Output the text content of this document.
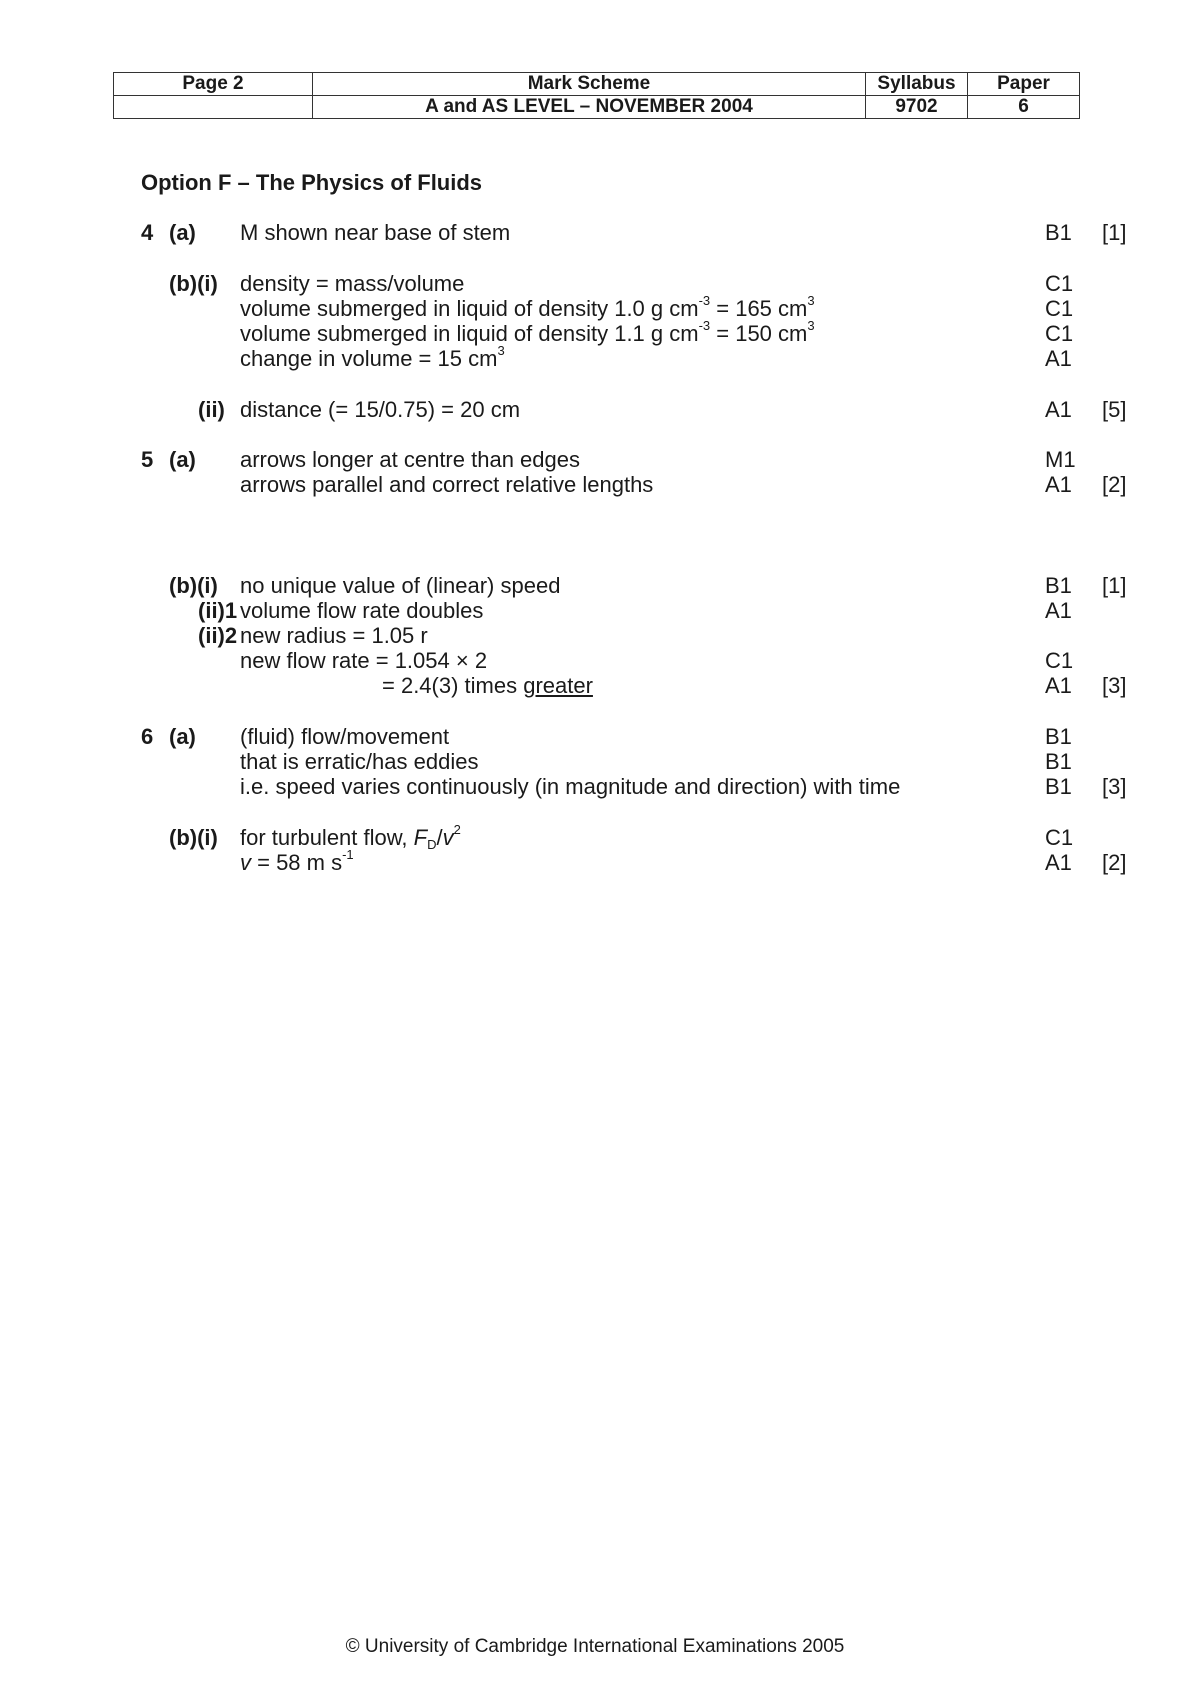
Page 2	Mark Scheme	Syllabus	Paper
	A and AS LEVEL – NOVEMBER 2004	9702	6
Option F – The Physics of Fluids
4 (a) M shown near base of stem	B1 [1]
(b)(i) density = mass/volume	C1
volume submerged in liquid of density 1.0 g $cm^{-3} = 165$ $cm^3$	C1
volume submerged in liquid of density 1.1 g $cm^{-3} = 150$ $cm^3$	C1
change in volume = 15 $cm^3$	A1
(ii) distance (= 15/0.75) = 20 cm	A1 [5]
5 (a) arrows longer at centre than edges	M1
arrows parallel and correct relative lengths	A1 [2]
(b)(i) no unique value of (linear) speed	B1 [1]
(ii)1 volume flow rate doubles	A1
(ii)2 new radius = 1.05 r
new flow rate = 1.054 × 2	C1
= 2.4(3) times greater	A1 [3]
6 (a) (fluid) flow/movement	B1
that is erratic/has eddies	B1
i.e. speed varies continuously (in magnitude and direction) with time	B1 [3]
(b)(i) for turbulent flow, $F_D/v^2$	C1
v = 58 m $s^{-1}$	A1 [2]
© University of Cambridge International Examinations 2005
